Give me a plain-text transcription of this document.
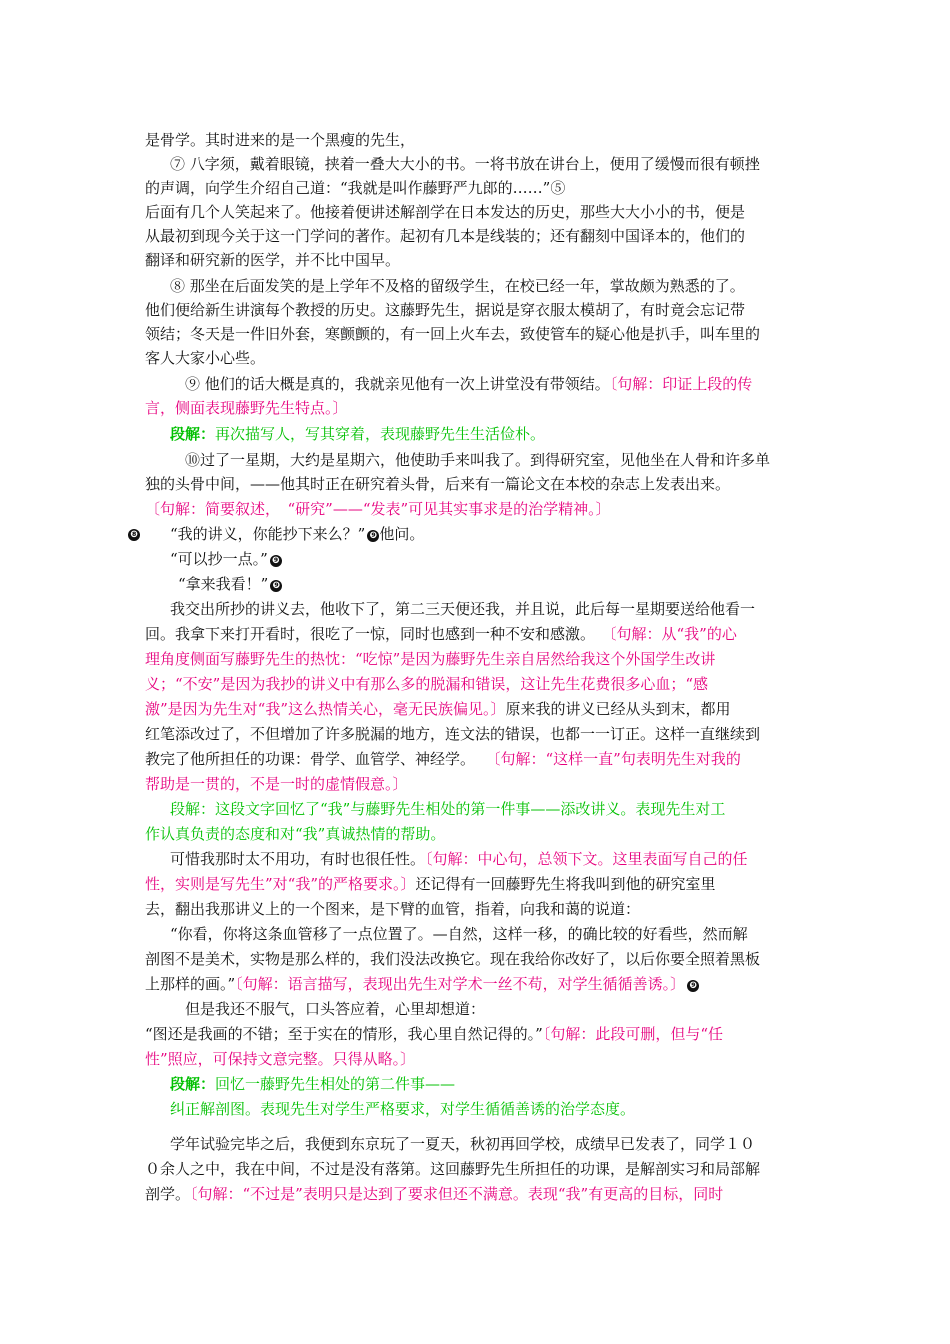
是骨学。其时进来的是一个黑瘦的先生，
⑦ 八字须，戴着眼镜，挟着一叠大大小的书。一将书放在讲台上，便用了缓慢而很有顿挫
的声调，向学生介绍自己道：“我就是叫作藤野严九郎的……”⑤
后面有几个人笑起来了。他接着便讲述解剖学在日本发达的历史，那些大大小小的书，便是
从最初到现今关于这一门学问的著作。起初有几本是线装的；还有翻刻中国译本的，他们的
翻译和研究新的医学，并不比中国早。
⑧ 那坐在后面发笑的是上学年不及格的留级学生，在校已经一年，掌故颇为熟悉的了。
他们便给新生讲演每个教授的历史。这藤野先生，据说是穿衣服太模胡了，有时竟会忘记带
领结；冬天是一件旧外套，寒颤颤的，有一回上火车去，致使管车的疑心他是扒手，叫车里的
客人大家小心些。
⑨ 他们的话大概是真的，我就亲见他有一次上讲堂没有带领结。〔句解：印证上段的传
言，侧面表现藤野先生特点。〕
段解：再次描写人，写其穿着，表现藤野先生生活俭朴。
⑩过了一星期，大约是星期六，他使助手来叫我了。到得研究室，见他坐在人骨和许多单
独的头骨中间，——他其时正在研究着头骨，后来有一篇论文在本校的杂志上发表出来。
〔句解：简要叙述，　“研究”——“发表”可见其实事求是的治学精神。〕
❽ “我的讲义，你能抄下来么？” ❾ 他问。
“可以抄一点。” ❾
“拿来我看！” ❾
我交出所抄的讲义去，他收下了，第二三天便还我，并且说，此后每一星期要送给他看一
回。我拿下来打开看时，很吃了一惊，同时也感到一种不安和感激。 〔句解：从“我”的心
理角度侧面写藤野先生的热忱：“吃惊”是因为藤野先生亲自居然给我这个外国学生改讲
义；“不安”是因为我抄的讲义中有那么多的脱漏和错误，这让先生花费很多心血；“感
激”是因为先生对“我”这么热情关心，毫无民族偏见。〕原来我的讲义已经从头到末，都用
红笔添改过了，不但增加了许多脱漏的地方，连文法的错误，也都一一订正。这样一直继续到
教完了他所担任的功课：骨学、血管学、神经学。 〔句解：“这样一直”句表明先生对我的
帮助是一贯的，不是一时的虚情假意。〕
段解：这段文字回忆了“我”与藤野先生相处的第一件事——添改讲义。表现先生对工
作认真负责的态度和对“我”真诚热情的帮助。
可惜我那时太不用功，有时也很任性。〔句解：中心句，总领下文。这里表面写自己的任
性，实则是写先生”对“我”的严格要求。〕还记得有一回藤野先生将我叫到他的研究室里
去，翻出我那讲义上的一个图来，是下臂的血管，指着，向我和蔼的说道：
“你看，你将这条血管移了一点位置了。—自然，这样一移，的确比较的好看些，然而解
剖图不是美术，实物是那么样的，我们没法改换它。现在我给你改好了，以后你要全照着黑板
上那样的画。”〔句解：语言描写，表现出先生对学术一丝不苟，对学生循循善诱。〕 ❾
但是我还不服气，口头答应着，心里却想道：
“图还是我画的不错；至于实在的情形，我心里自然记得的。”〔句解：此段可删，但与“任
性”照应，可保持文意完整。只得从略。〕
段解：回忆一藤野先生相处的第二件事——
纠正解剖图。表现先生对学生严格要求，对学生循循善诱的治学态度。
学年试验完毕之后，我便到东京玩了一夏天，秋初再回学校，成绩早已发表了，同学１０
０余人之中，我在中间，不过是没有落第。这回藤野先生所担任的功课，是解剖实习和局部解
剖学。〔句解：“不过是”表明只是达到了要求但还不满意。表现“我”有更高的目标，同时
